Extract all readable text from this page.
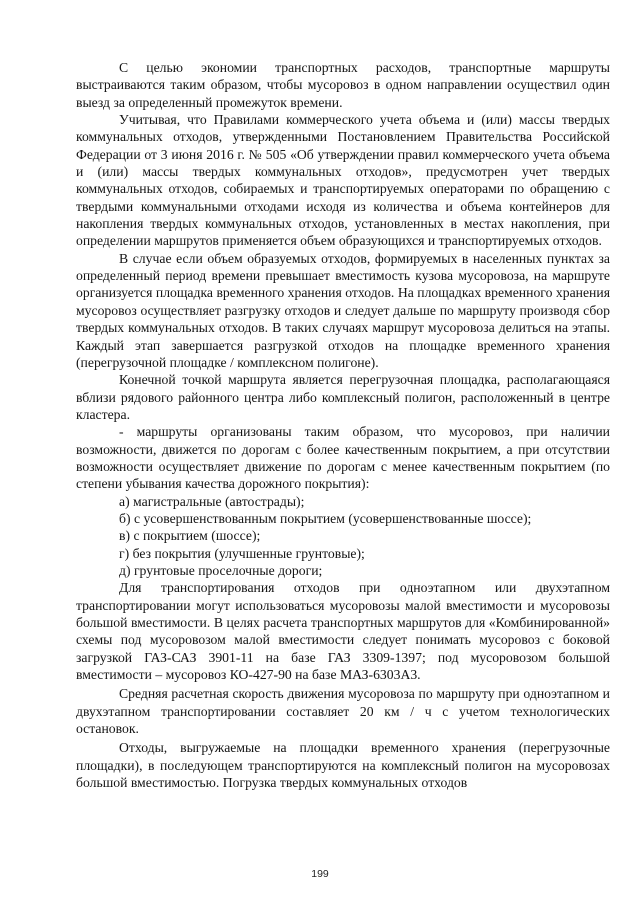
С целью экономии транспортных расходов, транспортные маршруты выстраиваются таким образом, чтобы мусоровоз в одном направлении осуществил один выезд за определенный промежуток времени.

Учитывая, что Правилами коммерческого учета объема и (или) массы твердых коммунальных отходов, утвержденными Постановлением Правительства Российской Федерации от 3 июня 2016 г. № 505 «Об утверждении правил коммерческого учета объема и (или) массы твердых коммунальных отходов», предусмотрен учет твердых коммунальных отходов, собираемых и транспортируемых операторами по обращению с твердыми коммунальными отходами исходя из количества и объема контейнеров для накопления твердых коммунальных отходов, установленных в местах накопления, при определении маршрутов применяется объем образующихся и транспортируемых отходов.

В случае если объем образуемых отходов, формируемых в населенных пунктах за определенный период времени превышает вместимость кузова мусоровоза, на маршруте организуется площадка временного хранения отходов. На площадках временного хранения мусоровоз осуществляет разгрузку отходов и следует дальше по маршруту производя сбор твердых коммунальных отходов. В таких случаях маршрут мусоровоза делиться на этапы. Каждый этап завершается разгрузкой отходов на площадке временного хранения (перегрузочной площадке / комплексном полигоне).

Конечной точкой маршрута является перегрузочная площадка, располагающаяся вблизи рядового районного центра либо комплексный полигон, расположенный в центре кластера.

- маршруты организованы таким образом, что мусоровоз, при наличии возможности, движется по дорогам с более качественным покрытием, а при отсутствии возможности осуществляет движение по дорогам с менее качественным покрытием (по степени убывания качества дорожного покрытия):

а) магистральные (автострады);

б) с усовершенствованным покрытием (усовершенствованные шоссе);

в) с покрытием (шоссе);

г) без покрытия (улучшенные грунтовые);

д) грунтовые проселочные дороги;

Для транспортирования отходов при одноэтапном или двухэтапном транспортировании могут использоваться мусоровозы малой вместимости и мусоровозы большой вместимости. В целях расчета транспортных маршрутов для «Комбинированной» схемы под мусоровозом малой вместимости следует понимать мусоровоз с боковой загрузкой ГАЗ-САЗ 3901-11 на базе ГАЗ 3309-1397; под мусоровозом большой вместимости – мусоровоз КО-427-90 на базе МАЗ-6303А3.

Средняя расчетная скорость движения мусоровоза по маршруту при одноэтапном и двухэтапном транспортировании составляет 20 км / ч с учетом технологических остановок.

Отходы, выгружаемые на площадки временного хранения (перегрузочные площадки), в последующем транспортируются на комплексный полигон на мусоровозах большой вместимостью. Погрузка твердых коммунальных отходов

199
